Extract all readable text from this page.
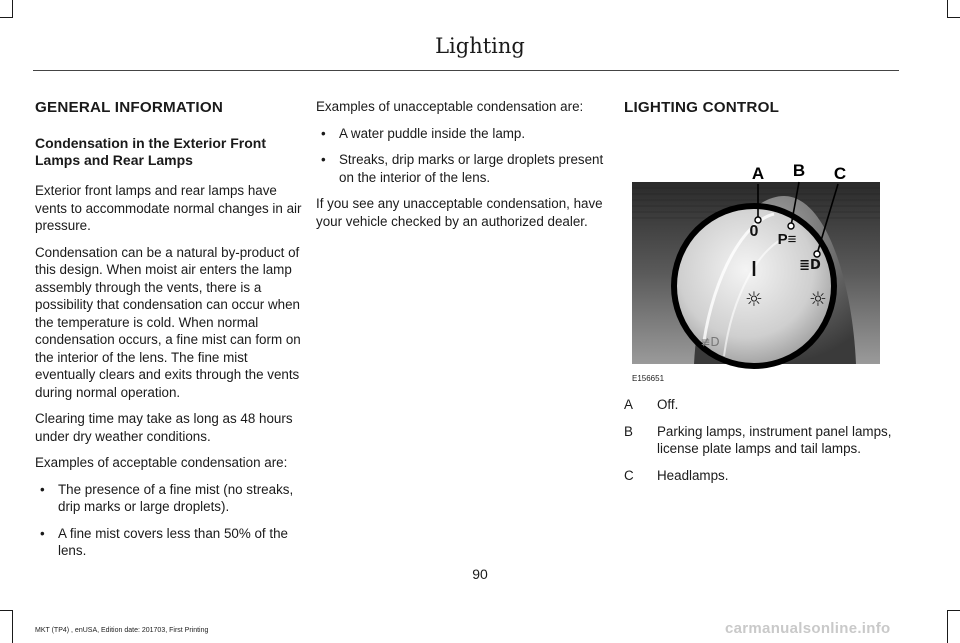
Lighting
GENERAL INFORMATION
Condensation in the Exterior Front Lamps and Rear Lamps

Exterior front lamps and rear lamps have vents to accommodate normal changes in air pressure.

Condensation can be a natural by-product of this design. When moist air enters the lamp assembly through the vents, there is a possibility that condensation can occur when the temperature is cold. When normal condensation occurs, a fine mist can form on the interior of the lens. The fine mist eventually clears and exits through the vents during normal operation.

Clearing time may take as long as 48 hours under dry weather conditions.

Examples of acceptable condensation are:

• The presence of a fine mist (no streaks, drip marks or large droplets).
• A fine mist covers less than 50% of the lens.

Examples of unacceptable condensation are:

• A water puddle inside the lamp.
• Streaks, drip marks or large droplets present on the interior of the lens.

If you see any unacceptable condensation, have your vehicle checked by an authorized dealer.

LIGHTING CONTROL
0 P≡
≣D
☼ ☼
≢D
A B C
E156651
A	Off.
B	Parking lamps, instrument panel lamps, license plate lamps and tail lamps.
C	Headlamps.
90
MKT (TP4) , enUSA, Edition date: 201703, First Printing	carmanualsonline.info
